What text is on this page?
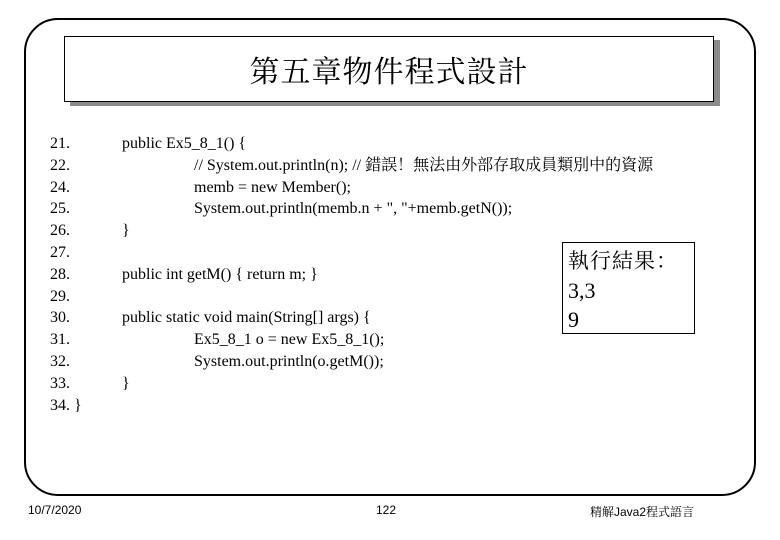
第五章物件程式設計
21.	public Ex5_8_1() {
22.	// System.out.println(n); // 錯誤！無法由外部存取成員類別中的資源
24.	memb = new Member();
25.	System.out.println(memb.n + ", "+memb.getN());
26.	}
27.
28.	public int getM() { return m; }
29.
30.	public static void main(String[] args) {
31.	Ex5_8_1 o = new Ex5_8_1();
32.	System.out.println(o.getM());
33.	}
34. }
執行結果：
3,3
9
10/7/2020	122	精解Java2程式語言
